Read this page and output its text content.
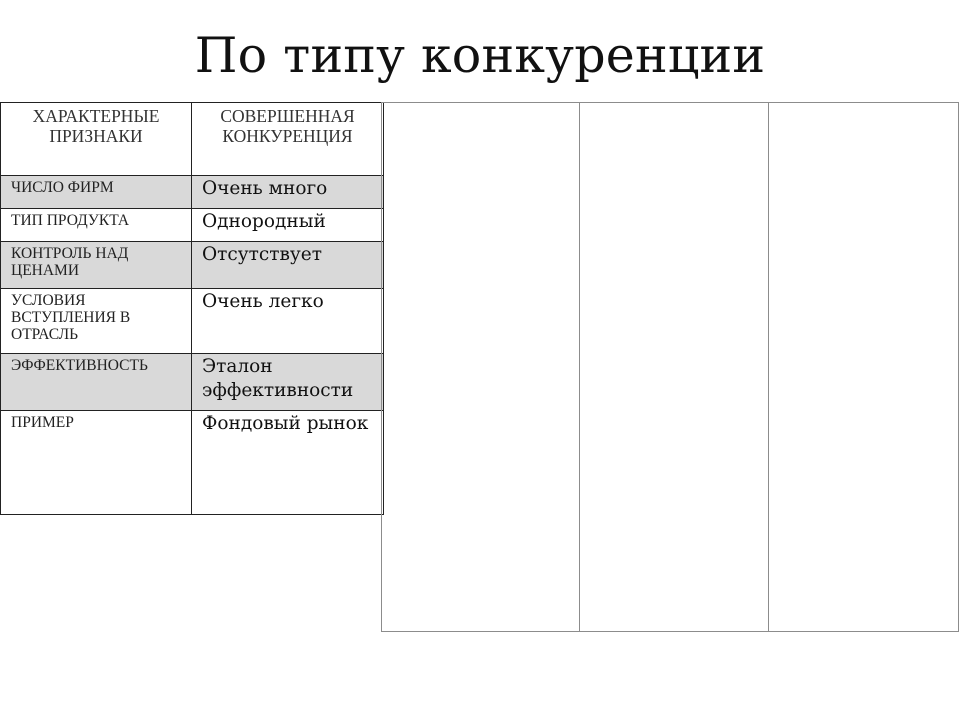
По типу конкуренции
ХАРАКТЕРНЫЕ ПРИЗНАКИ	СОВЕРШЕННАЯ КОНКУРЕНЦИЯ

ЧИСЛО ФИРМ	Очень много

ТИП ПРОДУКТА	Однородный

КОНТРОЛЬ НАД ЦЕНАМИ	Отсутствует

УСЛОВИЯ ВСТУПЛЕНИЯ В ОТРАСЛЬ	Очень легко

ЭФФЕКТИВНОСТЬ	Эталон эффективности

ПРИМЕР	Фондовый рынок
